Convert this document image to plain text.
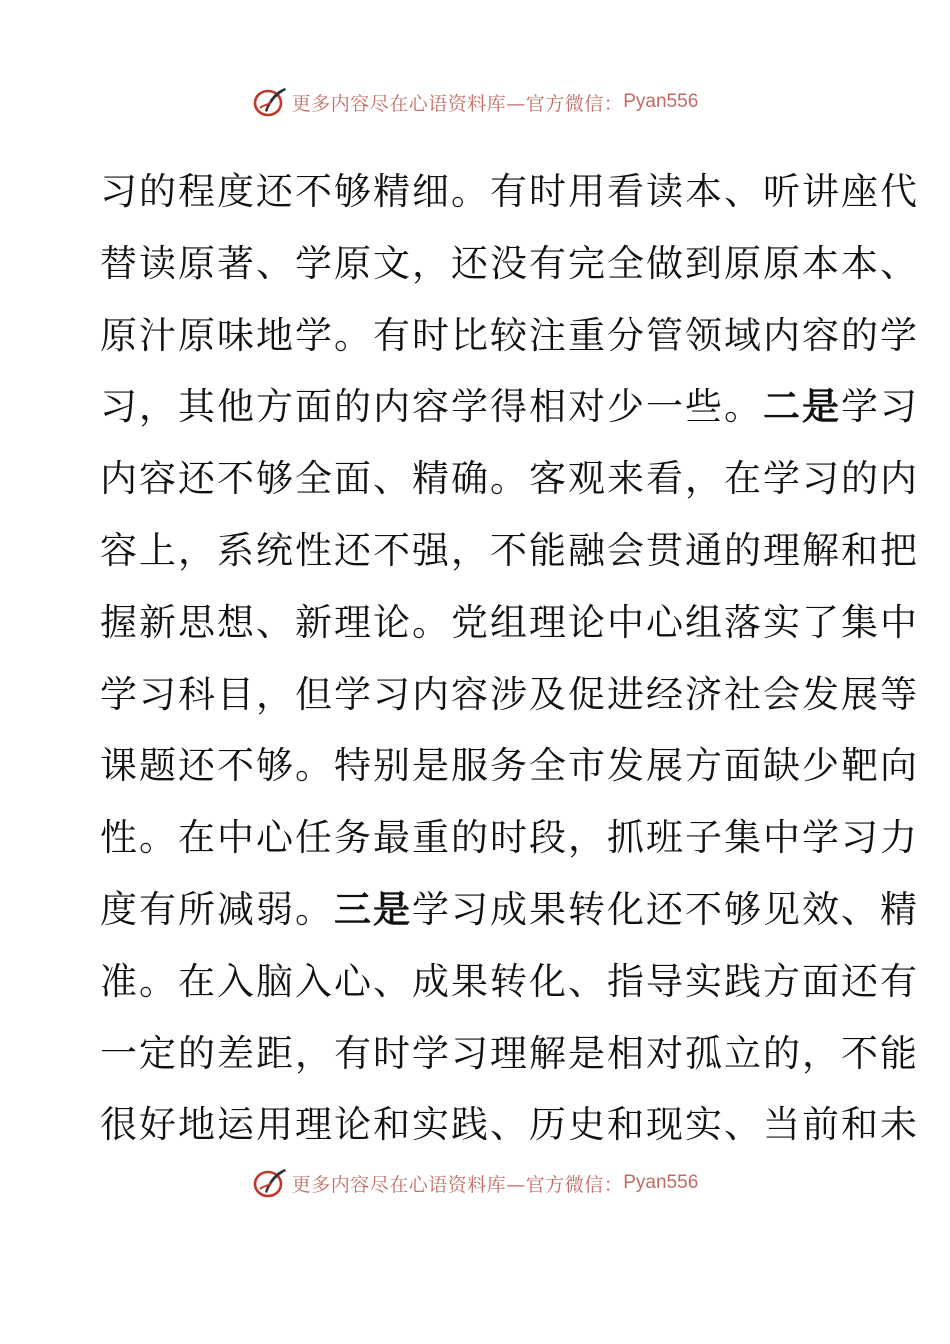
更多内容尽在心语资料库—官方微信： Pyan556
习的程度还不够精细。有时用看读本、听讲座代
替读原著、学原文，还没有完全做到原原本本、
原汁原味地学。有时比较注重分管领域内容的学
习，其他方面的内容学得相对少一些。二是学习
内容还不够全面、精确。客观来看，在学习的内
容上，系统性还不强，不能融会贯通的理解和把
握新思想、新理论。党组理论中心组落实了集中
学习科目，但学习内容涉及促进经济社会发展等
课题还不够。特别是服务全市发展方面缺少靶向
性。在中心任务最重的时段，抓班子集中学习力
度有所减弱。三是学习成果转化还不够见效、精
准。在入脑入心、成果转化、指导实践方面还有
一定的差距，有时学习理解是相对孤立的，不能
很好地运用理论和实践、历史和现实、当前和未
更多内容尽在心语资料库—官方微信： Pyan556
